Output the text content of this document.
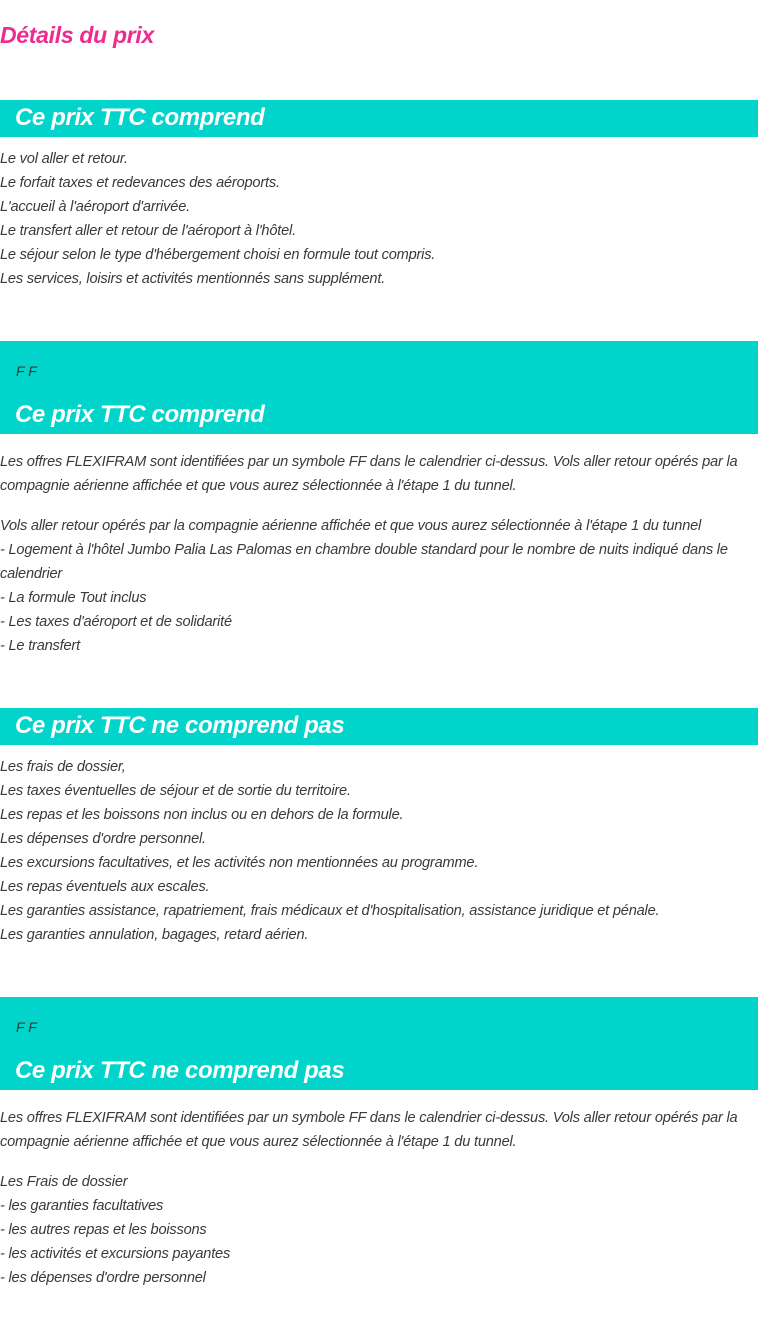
Détails du prix
Ce prix TTC comprend
Le vol aller et retour.
Le forfait taxes et redevances des aéroports.
L'accueil à l'aéroport d'arrivée.
Le transfert aller et retour de l'aéroport à l'hôtel.
Le séjour selon le type d'hébergement choisi en formule tout compris.
Les services, loisirs et activités mentionnés sans supplément.
F F
Ce prix TTC comprend

Les offres FLEXIFRAM sont identifiées par un symbole FF dans le calendrier ci-dessus. Vols aller retour opérés par la compagnie aérienne affichée et que vous aurez sélectionnée à l'étape 1 du tunnel.

Vols aller retour opérés par la compagnie aérienne affichée et que vous aurez sélectionnée à l'étape 1 du tunnel
- Logement à l'hôtel Jumbo Palia Las Palomas en chambre double standard pour le nombre de nuits indiqué dans le calendrier
- La formule Tout inclus
- Les taxes d'aéroport et de solidarité
- Le transfert
Ce prix TTC ne comprend pas
Les frais de dossier,
Les taxes éventuelles de séjour et de sortie du territoire.
Les repas et les boissons non inclus ou en dehors de la formule.
Les dépenses d'ordre personnel.
Les excursions facultatives, et les activités non mentionnées au programme.
Les repas éventuels aux escales.
Les garanties assistance, rapatriement, frais médicaux et d'hospitalisation, assistance juridique et pénale.
Les garanties annulation, bagages, retard aérien.
F F
Ce prix TTC ne comprend pas

Les offres FLEXIFRAM sont identifiées par un symbole FF dans le calendrier ci-dessus. Vols aller retour opérés par la compagnie aérienne affichée et que vous aurez sélectionnée à l'étape 1 du tunnel.

Les Frais de dossier
- les garanties facultatives
- les autres repas et les boissons
- les activités et excursions payantes
- les dépenses d'ordre personnel
